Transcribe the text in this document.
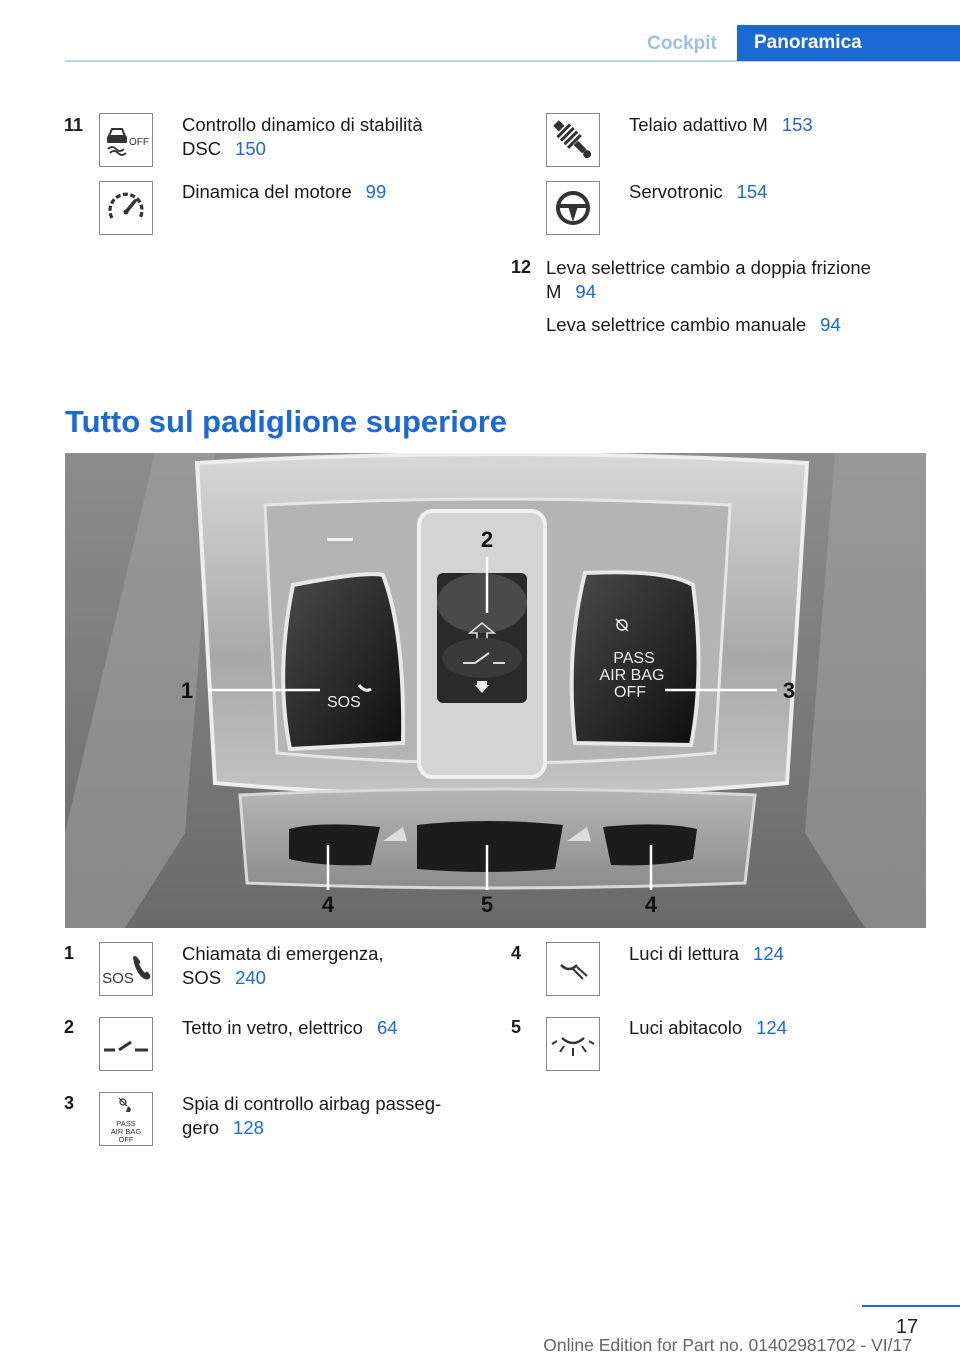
Cockpit	Panoramica
11
OFF
Controllo dinamico di stabilità
DSC 150
Dinamica del motore 99
Telaio adattivo M 153
Servotronic 154
12 Leva selettrice cambio a doppia frizione
M 94
Leva selettrice cambio manuale 94
Tutto sul padiglione superiore
SOS
PASS
AIR BAG
OFF
1
2
3
4	5	4
1
SOS
Chiamata di emergenza,
SOS 240
2	Tetto in vetro, elettrico 64
3
PASS
AIR BAG
OFF
Spia di controllo airbag passeg-
gero 128
4	Luci di lettura 124
5	Luci abitacolo 124
17
Online Edition for Part no. 01402981702 - VI/17
